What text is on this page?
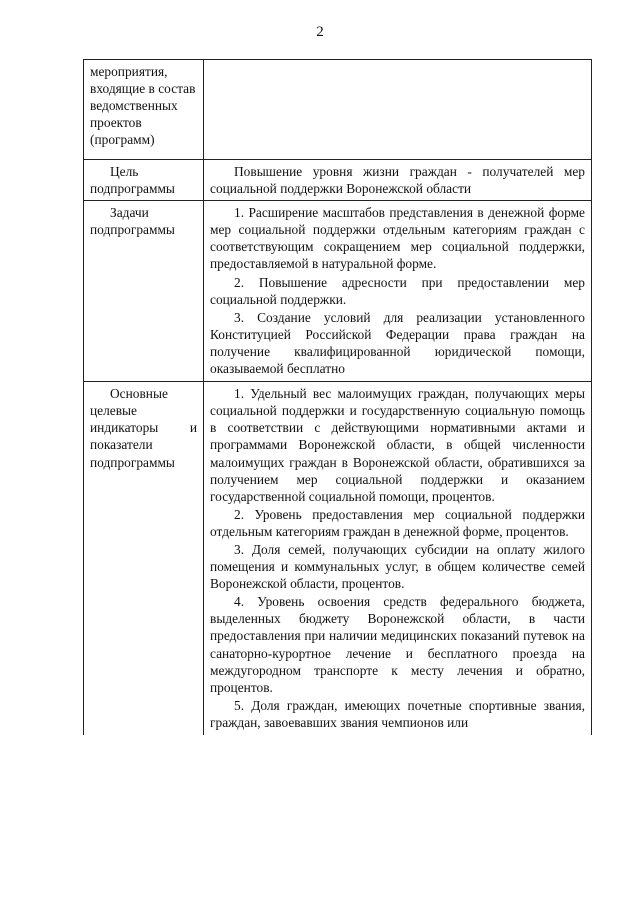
2
мероприятия, входящие в состав ведомственных проектов (программ)	
Цель подпрограммы	Повышение уровня жизни граждан - получателей мер социальной поддержки Воронежской области
Задачи подпрограммы	1. Расширение масштабов представления в денежной форме мер социальной поддержки отдельным категориям граждан с соответствующим сокращением мер социальной поддержки, предоставляемой в натуральной форме.

2. Повышение адресности при предоставлении мер социальной поддержки.

3. Создание условий для реализации установленного Конституцией Российской Федерации права граждан на получение квалифицированной юридической помощи, оказываемой бесплатно

Основные целевые индикаторы и показатели подпрограммы	1. Удельный вес малоимущих граждан, получающих меры социальной поддержки и государственную социальную помощь в соответствии с действующими нормативными актами и программами Воронежской области, в общей численности малоимущих граждан в Воронежской области, обратившихся за получением мер социальной поддержки и оказанием государственной социальной помощи, процентов.

2. Уровень предоставления мер социальной поддержки отдельным категориям граждан в денежной форме, процентов.

3. Доля семей, получающих субсидии на оплату жилого помещения и коммунальных услуг, в общем количестве семей Воронежской области, процентов.

4. Уровень освоения средств федерального бюджета, выделенных бюджету Воронежской области, в части предоставления при наличии медицинских показаний путевок на санаторно-курортное лечение и бесплатного проезда на междугородном транспорте к месту лечения и обратно, процентов.

5. Доля граждан, имеющих почетные спортивные звания, граждан, завоевавших звания чемпионов или
